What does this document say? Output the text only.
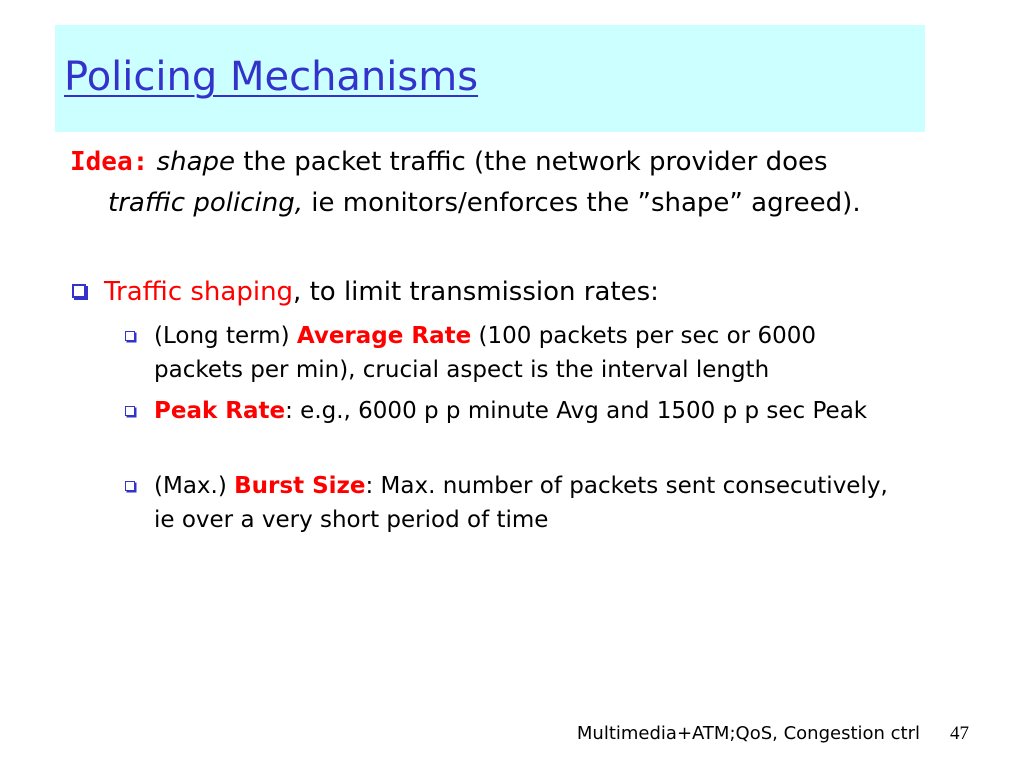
Policing Mechanisms
Idea: shape the packet traffic (the network provider does traffic policing, ie monitors/enforces the ”shape” agreed).
Traffic shaping, to limit transmission rates:
(Long term) Average Rate (100 packets per sec or 6000 packets per min), crucial aspect is the interval length
Peak Rate: e.g., 6000 p p minute Avg and 1500 p p sec Peak
(Max.) Burst Size: Max. number of packets sent consecutively, ie over a very short period of time
Multimedia+ATM;QoS, Congestion ctrl 47
